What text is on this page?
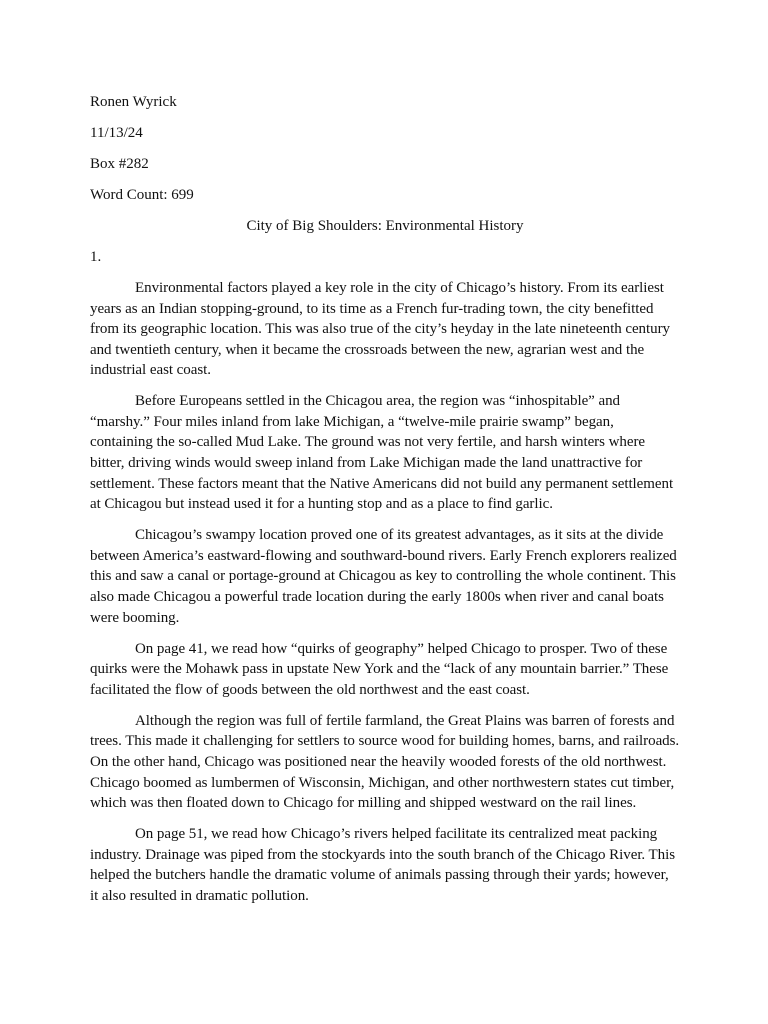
Ronen Wyrick
11/13/24
Box #282
Word Count: 699
City of Big Shoulders: Environmental History
1.

Environmental factors played a key role in the city of Chicago’s history. From its earliest years as an Indian stopping-ground, to its time as a French fur-trading town, the city benefitted from its geographic location. This was also true of the city’s heyday in the late nineteenth century and twentieth century, when it became the crossroads between the new, agrarian west and the industrial east coast.

Before Europeans settled in the Chicagou area, the region was “inhospitable” and “marshy.” Four miles inland from lake Michigan, a “twelve-mile prairie swamp” began, containing the so-called Mud Lake. The ground was not very fertile, and harsh winters where bitter, driving winds would sweep inland from Lake Michigan made the land unattractive for settlement. These factors meant that the Native Americans did not build any permanent settlement at Chicagou but instead used it for a hunting stop and as a place to find garlic.

Chicagou’s swampy location proved one of its greatest advantages, as it sits at the divide between America’s eastward-flowing and southward-bound rivers. Early French explorers realized this and saw a canal or portage-ground at Chicagou as key to controlling the whole continent. This also made Chicagou a powerful trade location during the early 1800s when river and canal boats were booming.

On page 41, we read how “quirks of geography” helped Chicago to prosper. Two of these quirks were the Mohawk pass in upstate New York and the “lack of any mountain barrier.” These facilitated the flow of goods between the old northwest and the east coast.

Although the region was full of fertile farmland, the Great Plains was barren of forests and trees. This made it challenging for settlers to source wood for building homes, barns, and railroads. On the other hand, Chicago was positioned near the heavily wooded forests of the old northwest. Chicago boomed as lumbermen of Wisconsin, Michigan, and other northwestern states cut timber, which was then floated down to Chicago for milling and shipped westward on the rail lines.

On page 51, we read how Chicago’s rivers helped facilitate its centralized meat packing industry. Drainage was piped from the stockyards into the south branch of the Chicago River. This helped the butchers handle the dramatic volume of animals passing through their yards; however, it also resulted in dramatic pollution.
